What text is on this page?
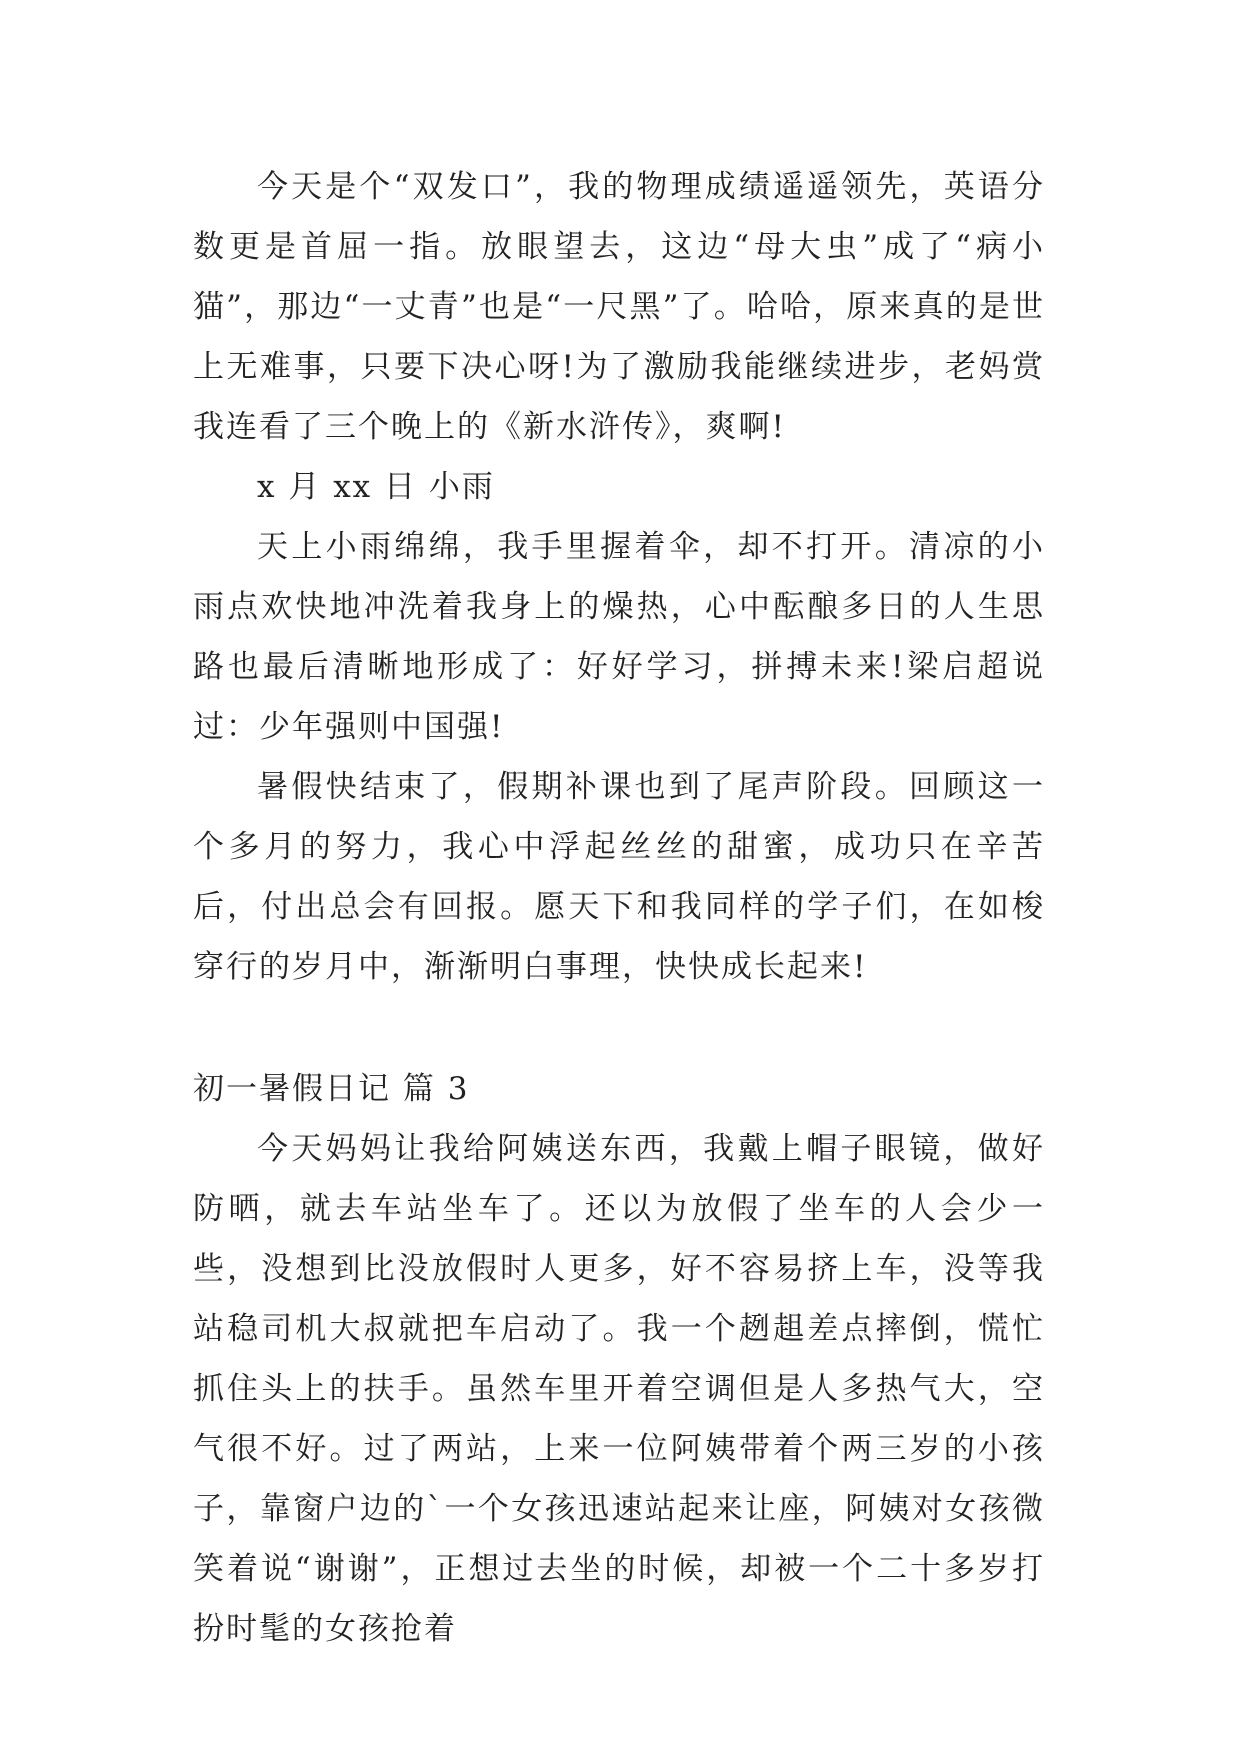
今天是个“双发口”，我的物理成绩遥遥领先，英语分数更是首屈一指。放眼望去，这边“母大虫”成了“病小猫”，那边“一丈青”也是“一尺黑”了。哈哈，原来真的是世上无难事，只要下决心呀!为了激励我能继续进步，老妈赏我连看了三个晚上的《新水浒传》，爽啊!

x 月 xx 日 小雨

天上小雨绵绵，我手里握着伞，却不打开。清凉的小雨点欢快地冲洗着我身上的燥热，心中酝酿多日的人生思路也最后清晰地形成了：好好学习，拼搏未来!梁启超说过：少年强则中国强!

暑假快结束了，假期补课也到了尾声阶段。回顾这一个多月的努力，我心中浮起丝丝的甜蜜，成功只在辛苦后，付出总会有回报。愿天下和我同样的学子们，在如梭穿行的岁月中，渐渐明白事理，快快成长起来!

初一暑假日记 篇 3

今天妈妈让我给阿姨送东西，我戴上帽子眼镜，做好防晒，就去车站坐车了。还以为放假了坐车的人会少一些，没想到比没放假时人更多，好不容易挤上车，没等我站稳司机大叔就把车启动了。我一个趔趄差点摔倒，慌忙抓住头上的扶手。虽然车里开着空调但是人多热气大，空气很不好。过了两站，上来一位阿姨带着个两三岁的小孩子，靠窗户边的`一个女孩迅速站起来让座，阿姨对女孩微笑着说“谢谢”，正想过去坐的时候，却被一个二十多岁打扮时髦的女孩抢着
